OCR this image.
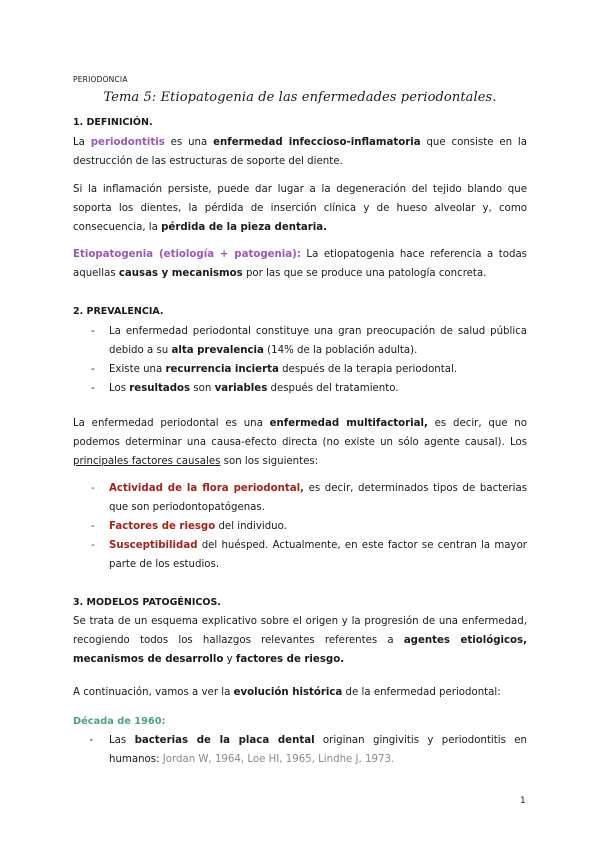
PERIODONCIA
Tema 5: Etiopatogenia de las enfermedades periodontales.
1. DEFINICIÓN.
La periodontitis es una enfermedad infeccioso-inflamatoria que consiste en la destrucción de las estructuras de soporte del diente.
Si la inflamación persiste, puede dar lugar a la degeneración del tejido blando que soporta los dientes, la pérdida de inserción clínica y de hueso alveolar y, como consecuencia, la pérdida de la pieza dentaria.
Etiopatogenia (etiología + patogenia): La etiopatogenia hace referencia a todas aquellas causas y mecanismos por las que se produce una patología concreta.
2. PREVALENCIA.
- La enfermedad periodontal constituye una gran preocupación de salud pública debido a su alta prevalencia (14% de la población adulta).
- Existe una recurrencia incierta después de la terapia periodontal.
- Los resultados son variables después del tratamiento.
La enfermedad periodontal es una enfermedad multifactorial, es decir, que no podemos determinar una causa-efecto directa (no existe un sólo agente causal). Los principales factores causales son los siguientes:
- Actividad de la flora periodontal, es decir, determinados tipos de bacterias que son periodontopatógenas.
- Factores de riesgo del individuo.
- Susceptibilidad del huésped. Actualmente, en este factor se centran la mayor parte de los estudios.
3. MODELOS PATOGÉNICOS.
Se trata de un esquema explicativo sobre el origen y la progresión de una enfermedad, recogiendo todos los hallazgos relevantes referentes a agentes etiológicos, mecanismos de desarrollo y factores de riesgo.
A continuación, vamos a ver la evolución histórica de la enfermedad periodontal:
Década de 1960:
• Las bacterias de la placa dental originan gingivitis y periodontitis en humanos: Jordan W, 1964, Loe HI, 1965, Lindhe J, 1973.
1
